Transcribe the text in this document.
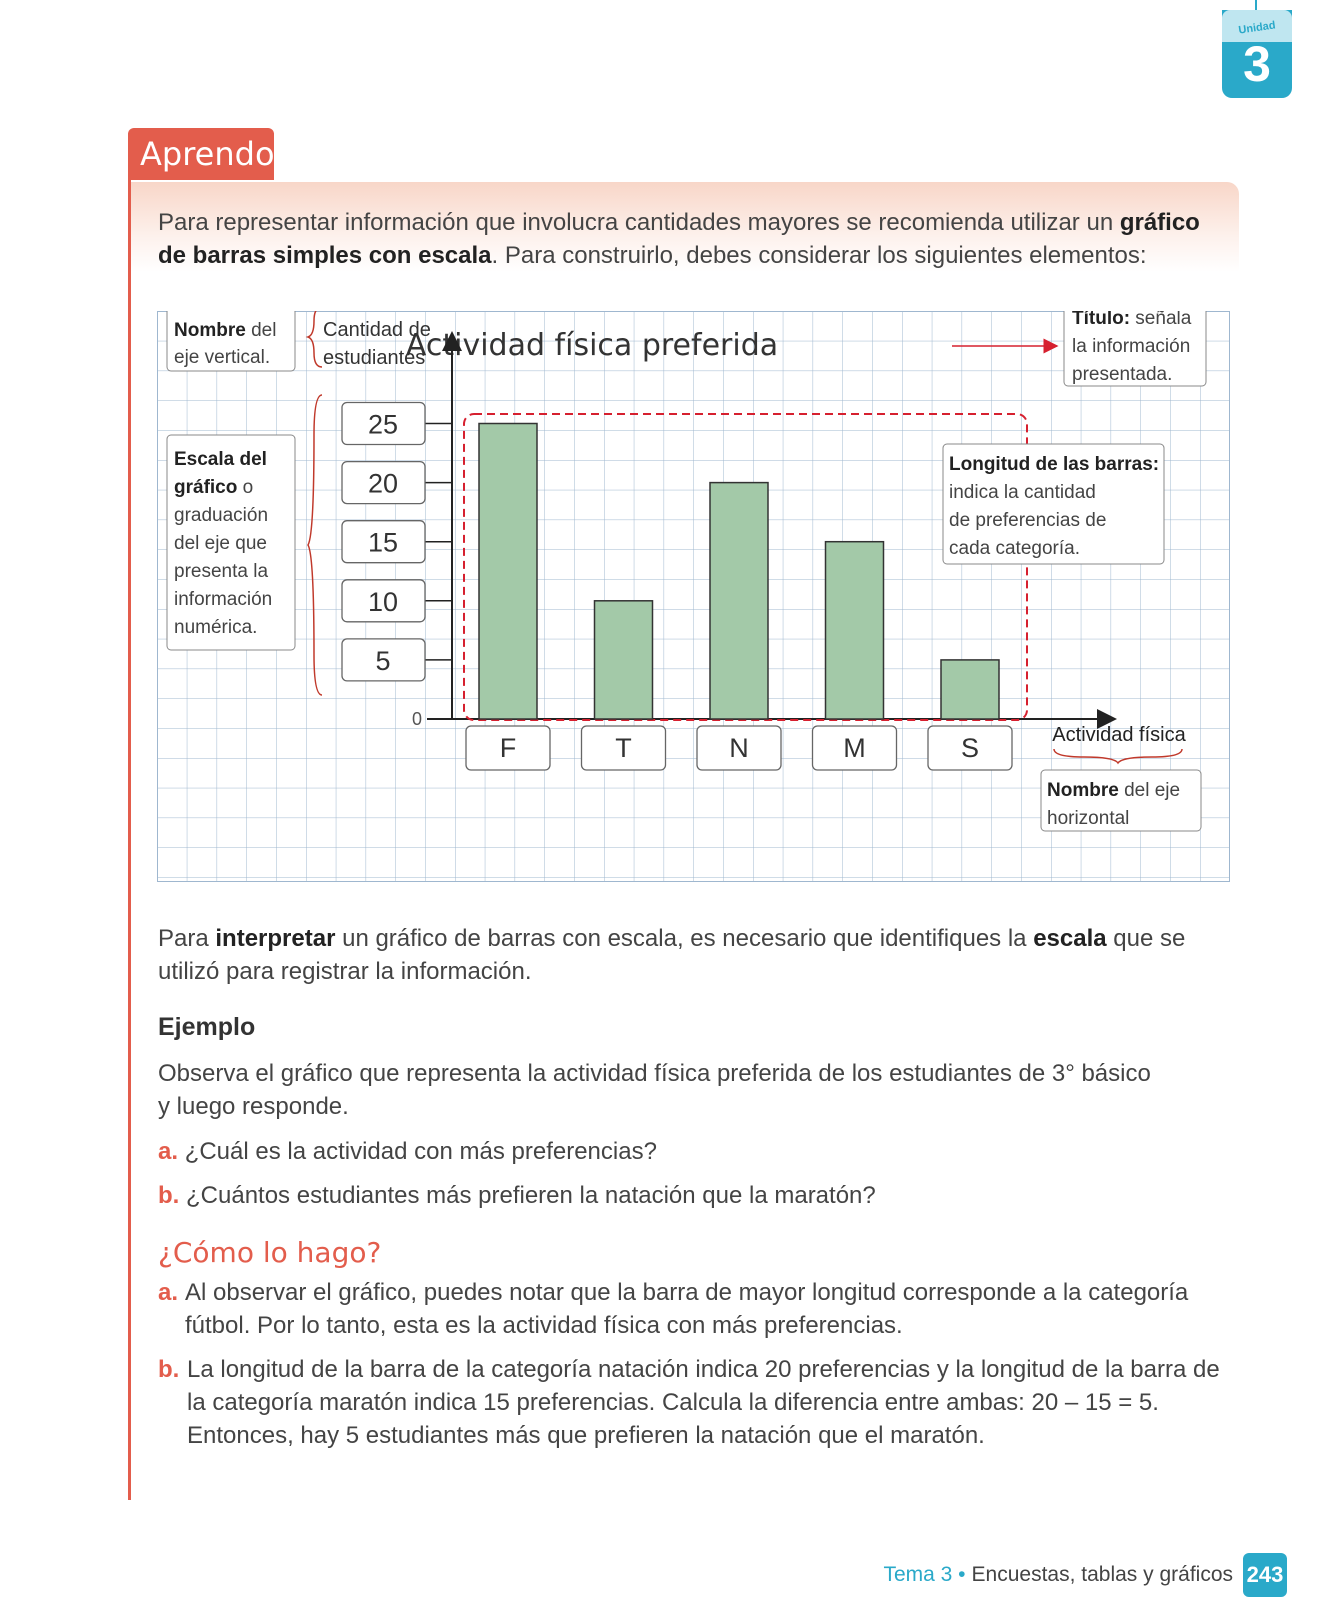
Unidad
3
Aprendo

Para representar información que involucra cantidades mayores se recomienda utilizar un gráfico de barras simples con escala. Para construirlo, debes considerar los siguientes elementos:

Actividad física preferida
Título: señala
la información
presentada.
Nombre del
eje vertical.
Cantidad de
estudiantes
Escala del
gráfico o
graduación
del eje que
presenta la
información
numérica.
0
25
20
15
10
5
F	T	N	M	S
Longitud de las barras:
indica la cantidad
de preferencias de
cada categoría.
Actividad física
Nombre del eje
horizontal

Para interpretar un gráfico de barras con escala, es necesario que identifiques la escala que se utilizó para registrar la información.

Ejemplo

Observa el gráfico que representa la actividad física preferida de los estudiantes de 3° básico y luego responde.

a. ¿Cuál es la actividad con más preferencias?

b. ¿Cuántos estudiantes más prefieren la natación que la maratón?

¿Cómo lo hago?
a. Al observar el gráfico, puedes notar que la barra de mayor longitud corresponde a la categoría fútbol. Por lo tanto, esta es la actividad física con más preferencias.

b. La longitud de la barra de la categoría natación indica 20 preferencias y la longitud de la barra de la categoría maratón indica 15 preferencias. Calcula la diferencia entre ambas: 20 – 15 = 5. Entonces, hay 5 estudiantes más que prefieren la natación que el maratón.

Tema 3 • Encuestas, tablas y gráficos 243
